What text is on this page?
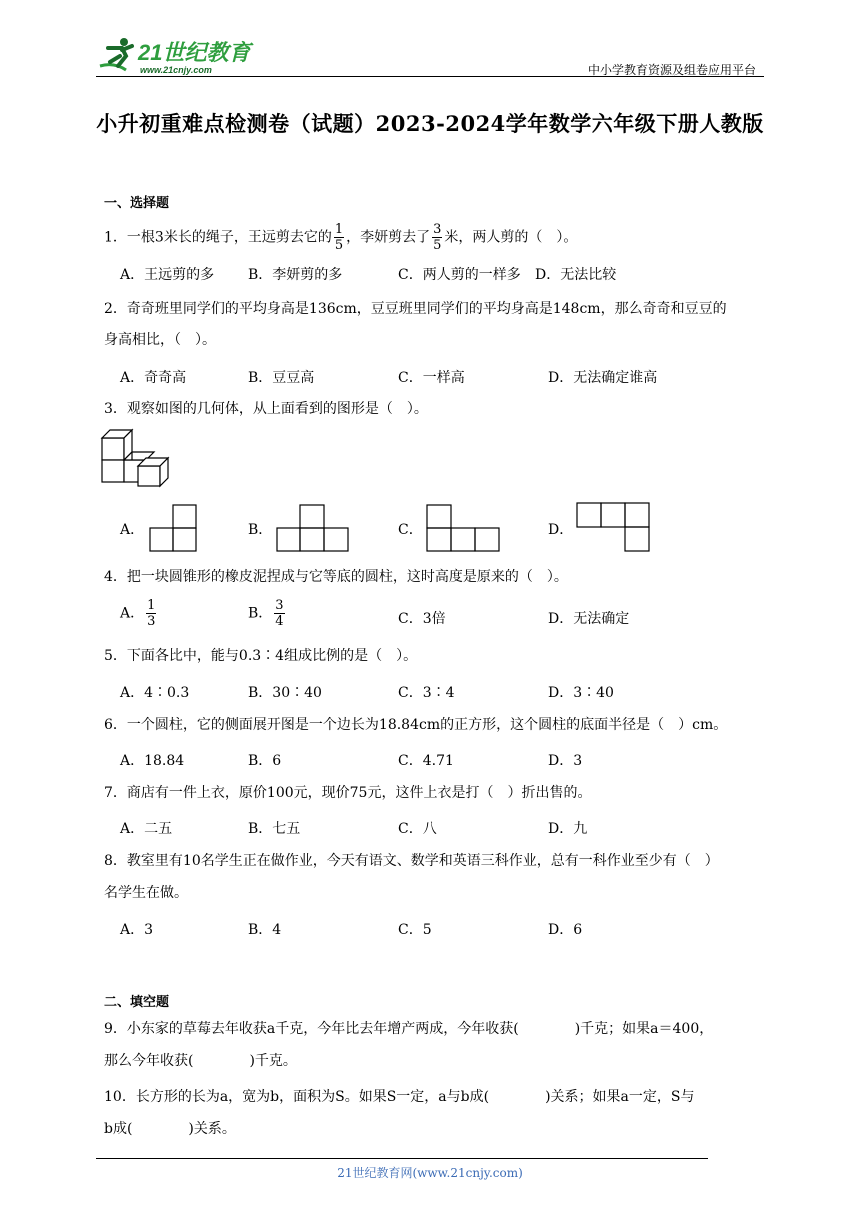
21世纪教育
www.21cnjy.com	中小学教育资源及组卷应用平台
小升初重难点检测卷（试题）2023-2024学年数学六年级下册人教版
一、选择题
1．一根3米长的绳子，王远剪去它的 $\frac{1}{5}$ ，李妍剪去了 $\frac{3}{5}$ 米，两人剪的（　）。
A．王远剪的多 B．李妍剪的多	C．两人剪的一样多 D．无法比较
2．奇奇班里同学们的平均身高是136cm，豆豆班里同学们的平均身高是148cm，那么奇奇和豆豆的
身高相比，（　）。
A．奇奇高	B．豆豆高	C．一样高	D．无法确定谁高
3．观察如图的几何体，从上面看到的图形是（　）。
A．	B．	C．	D．
4．把一块圆锥形的橡皮泥捏成与它等底的圆柱，这时高度是原来的（　）。
A． $\frac{1}{3}$	B． $\frac{3}{4}$	C．3倍	D．无法确定
5．下面各比中，能与0.3∶4组成比例的是（　）。
A．4∶0.3	B．30∶40	C．3∶4	D．3∶40
6．一个圆柱，它的侧面展开图是一个边长为18.84cm的正方形，这个圆柱的底面半径是（　）cm。
A．18.84	B．6	C．4.71	D．3
7．商店有一件上衣，原价100元，现价75元，这件上衣是打（　）折出售的。
A．二五	B．七五	C．八	D．九
8．教室里有10名学生正在做作业，今天有语文、数学和英语三科作业，总有一科作业至少有（　）
名学生在做。
A．3	B．4	C．5	D．6
二、填空题
9．小东家的草莓去年收获a千克，今年比去年增产两成，今年收获(　　　　)千克；如果a＝400，
那么今年收获(　　　　)千克。
10．长方形的长为a，宽为b，面积为S。如果S一定，a与b成(　　　　)关系；如果a一定，S与
b成(　　　　)关系。
21世纪教育网(www.21cnjy.com)
